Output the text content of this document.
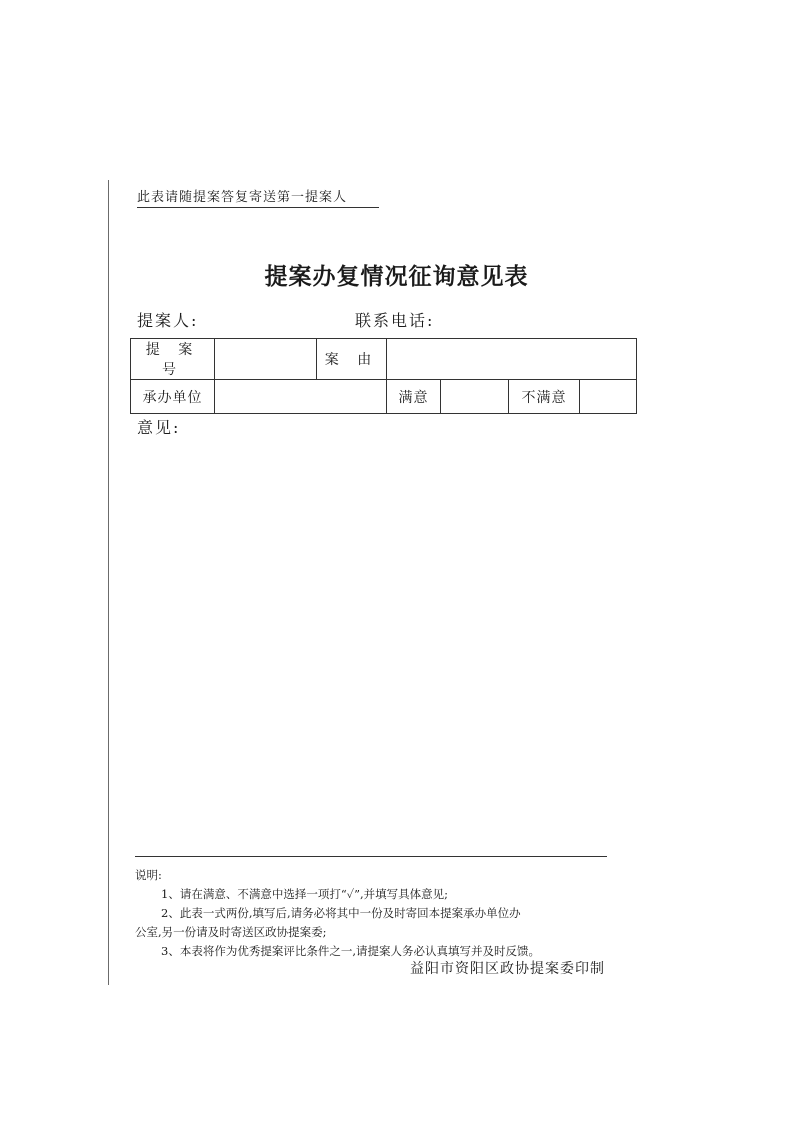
此表请随提案答复寄送第一提案人
提案办复情况征询意见表
提案人:	联系电话:
提 案 号		案 由				
承办单位			满意		不满意	
意见:
说明:
1、请在满意、不满意中选择一项打“✓”,并填写具体意见;
2、此表一式两份,填写后,请务必将其中一份及时寄回本提案承办单位办
公室,另一份请及时寄送区政协提案委;
3、本表将作为优秀提案评比条件之一,请提案人务必认真填写并及时反馈。
益阳市资阳区政协提案委印制
